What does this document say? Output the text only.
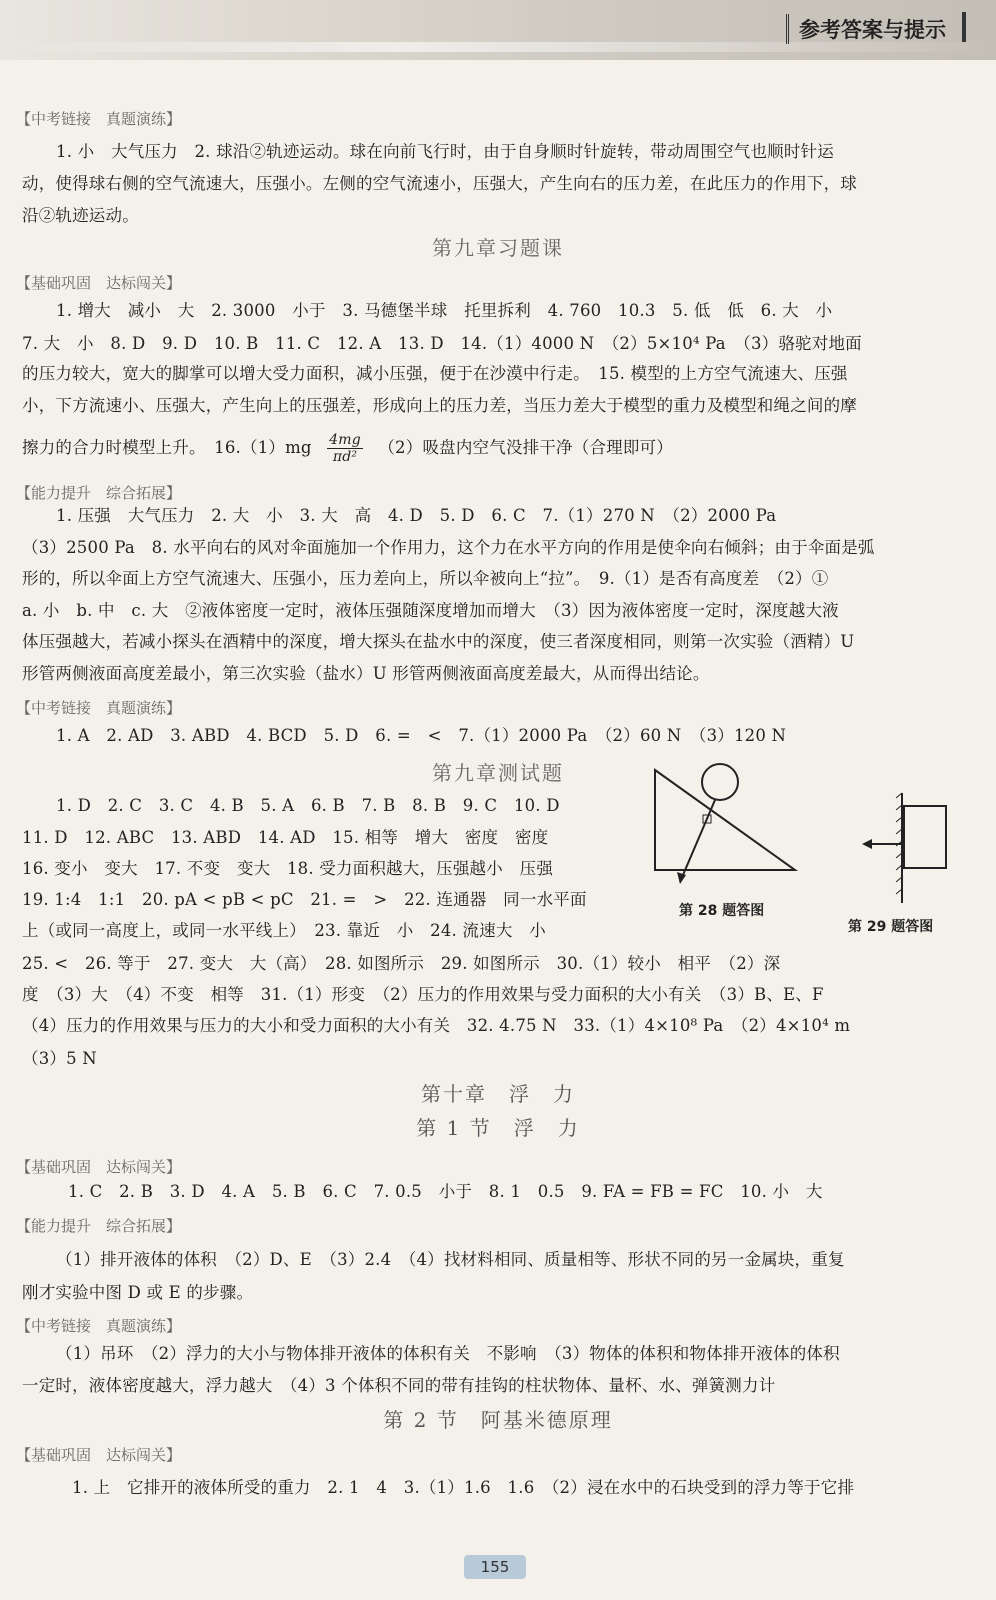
参考答案与提示
【中考链接　真题演练】
1. 小　大气压力　2. 球沿②轨迹运动。球在向前飞行时，由于自身顺时针旋转，带动周围空气也顺时针运
动，使得球右侧的空气流速大，压强小。左侧的空气流速小，压强大，产生向右的压力差，在此压力的作用下，球
沿②轨迹运动。
第九章习题课
【基础巩固　达标闯关】
1. 增大　减小　大　2. 3000　小于　3. 马德堡半球　托里拆利　4. 760　10.3　5. 低　低　6. 大　小
7. 大　小　8. D　9. D　10. B　11. C　12. A　13. D　14.（1）4000 N　（2）5×10⁴ Pa　（3）骆驼对地面
的压力较大，宽大的脚掌可以增大受力面积，减小压强，便于在沙漠中行走。　15. 模型的上方空气流速大、压强
小，下方流速小、压强大，产生向上的压强差，形成向上的压力差，当压力差大于模型的重力及模型和绳之间的摩
擦力的合力时模型上升。　$16.(1)mg \frac{4mg}{\text{πd²}} (2)$吸盘内空气没排干净（合理即可）
【能力提升　综合拓展】
1. 压强　大气压力　2. 大　小　3. 大　高　4. D　5. D　6. C　7.（1）270 N　（2）2000 Pa
（3）2500 Pa　8. 水平向右的风对伞面施加一个作用力，这个力在水平方向的作用是使伞向右倾斜；由于伞面是弧
形的，所以伞面上方空气流速大、压强小，压力差向上，所以伞被向上“拉”。　9.（1）是否有高度差　（2）①
a. 小　b. 中　c. 大　②液体密度一定时，液体压强随深度增加而增大　（3）因为液体密度一定时，深度越大液
体压强越大，若减小探头在酒精中的深度，增大探头在盐水中的深度，使三者深度相同，则第一次实验（酒精）U
形管两侧液面高度差最小，第三次实验（盐水）U 形管两侧液面高度差最大，从而得出结论。
【中考链接　真题演练】
1. A　2. AD　3. ABD　4. BCD　5. D　6. =　<　7.（1）2000 Pa　（2）60 N　（3）120 N
第九章测试题
1. D　2. C　3. C　4. B　5. A　6. B　7. B　8. B　9. C　10. D
11. D　12. ABC　13. ABD　14. AD　15. 相等　增大　密度　密度
16. 变小　变大　17. 不变　变大　18. 受力面积越大，压强越小　压强
19. 1:4　1:1　20. pA < pB < pC　21. =　>　22. 连通器　同一水平面
上（或同一高度上，或同一水平线上）　23. 靠近　小　24. 流速大　小
25. <　26. 等于　27. 变大　大（高）　28. 如图所示　29. 如图所示　30.（1）较小　相平　（2）深
度　（3）大　（4）不变　相等　31.（1）形变　（2）压力的作用效果与受力面积的大小有关　（3）B、E、F
（4）压力的作用效果与压力的大小和受力面积的大小有关　32. 4.75 N　33.（1）4×10⁸ Pa　（2）4×10⁴ m
（3）5 N
第 28 题答图
第 29 题答图
第十章　浮　力
第 1 节　浮　力
【基础巩固　达标闯关】
1. C　2. B　3. D　4. A　5. B　6. C　7. 0.5　小于　8. 1　0.5　9. FA = FB = FC　10. 小　大
【能力提升　综合拓展】
（1）排开液体的体积　（2）D、E　（3）2.4　（4）找材料相同、质量相等、形状不同的另一金属块，重复
刚才实验中图 D 或 E 的步骤。
【中考链接　真题演练】
（1）吊环　（2）浮力的大小与物体排开液体的体积有关　不影响　（3）物体的体积和物体排开液体的体积
一定时，液体密度越大，浮力越大　（4）3 个体积不同的带有挂钩的柱状物体、量杯、水、弹簧测力计
第 2 节　阿基米德原理
【基础巩固　达标闯关】
1. 上　它排开的液体所受的重力　2. 1　4　3.（1）1.6　1.6　（2）浸在水中的石块受到的浮力等于它排
155
